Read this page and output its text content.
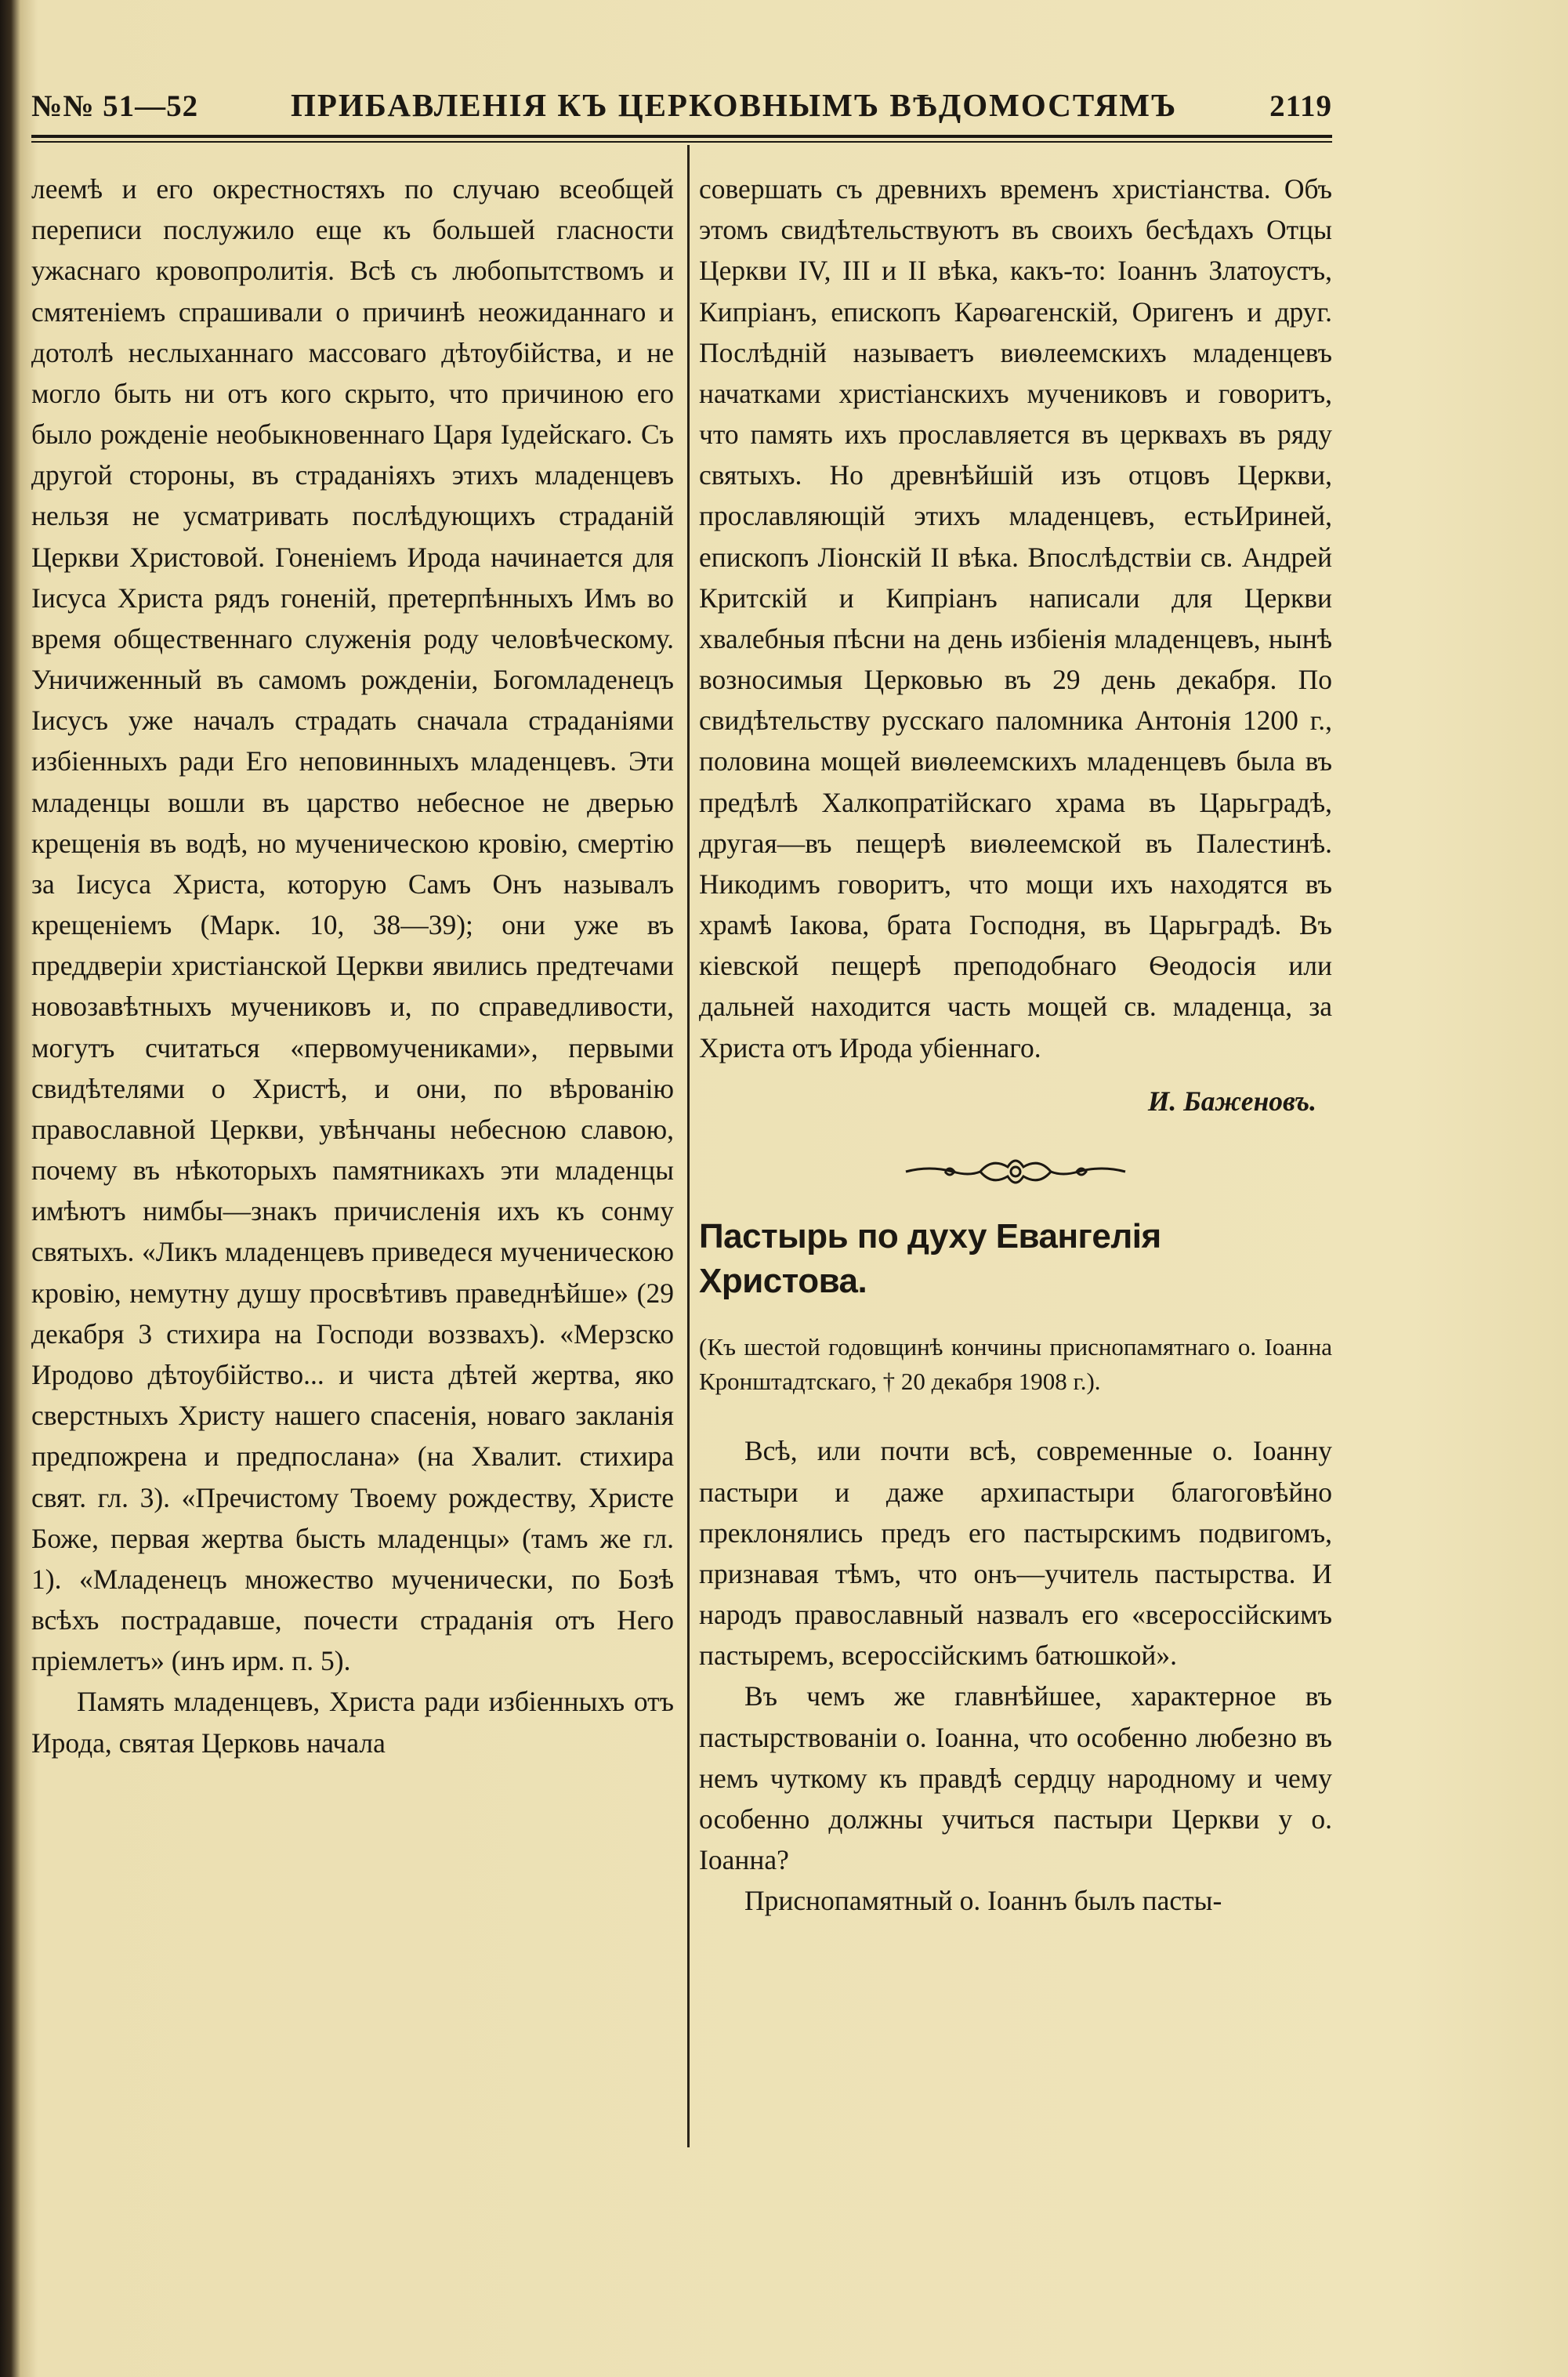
№№ 51—52	ПРИБАВЛЕНІЯ КЪ ЦЕРКОВНЫМЪ ВѢДОМОСТЯМЪ	2119

леемѣ и его окрестностяхъ по случаю всеобщей переписи послужило еще къ большей гласности ужаснаго кровопролитія. Всѣ съ любопытствомъ и смятеніемъ спрашивали о причинѣ неожиданнаго и дотолѣ неслыханнаго массоваго дѣтоубійства, и не могло быть ни отъ кого скрыто, что причиною его было рожденіе необыкновеннаго Царя Іудейскаго. Съ другой стороны, въ страданіяхъ этихъ младенцевъ нельзя не усматривать послѣдующихъ страданій Церкви Христовой. Гоненіемъ Ирода начинается для Іисуса Христа рядъ гоненій, претерпѣнныхъ Имъ во время общественнаго служенія роду человѣческому. Уничиженный въ самомъ рожденіи, Богомладенецъ Іисусъ уже началъ страдать сначала страданіями избіенныхъ ради Его неповинныхъ младенцевъ. Эти младенцы вошли въ царство небесное не дверью крещенія въ водѣ, но мученическою кровію, смертію за Іисуса Христа, которую Самъ Онъ называлъ крещеніемъ (Марк. 10, 38—39); они уже въ преддверіи христіанской Церкви явились предтечами новозавѣтныхъ мучениковъ и, по справедливости, могутъ считаться «первомучениками», первыми свидѣтелями о Христѣ, и они, по вѣрованію православной Церкви, увѣнчаны небесною славою, почему въ нѣкоторыхъ памятникахъ эти младенцы имѣютъ нимбы—знакъ причисленія ихъ къ сонму святыхъ. «Ликъ младенцевъ приведеся мученическою кровію, немутну душу просвѣтивъ праведнѣйше» (29 декабря 3 стихира на Господи воззвахъ). «Мерзско Иродово дѣтоубійство... и чиста дѣтей жертва, яко сверстныхъ Христу нашего спасенія, новаго закланія предпожрена и предпослана» (на Хвалит. стихира свят. гл. 3). «Пречистому Твоему рождеству, Христе Боже, первая жертва бысть младенцы» (тамъ же гл. 1). «Младенецъ множество мученически, по Бозѣ всѣхъ пострадавше, почести страданія отъ Него пріемлетъ» (инъ ирм. п. 5).

Память младенцевъ, Христа ради избіенныхъ отъ Ирода, святая Церковь начала

совершать съ древнихъ временъ христіанства. Объ этомъ свидѣтельствуютъ въ своихъ бесѣдахъ Отцы Церкви IV, III и II вѣка, какъ-то: Іоаннъ Златоустъ, Кипріанъ, епископъ Карѳагенскій, Оригенъ и друг. Послѣдній называетъ виѳлеемскихъ младенцевъ начатками христіанскихъ мучениковъ и говоритъ, что память ихъ прославляется въ церквахъ въ ряду святыхъ. Но древнѣйшій изъ отцовъ Церкви, прославляющій этихъ младенцевъ, естьИриней, епископъ Ліонскій II вѣка. Впослѣдствіи св. Андрей Критскій и Кипріанъ написали для Церкви хвалебныя пѣсни на день избіенія младенцевъ, нынѣ возносимыя Церковью въ 29 день декабря. По свидѣтельству русскаго паломника Антонія 1200 г., половина мощей виѳлеемскихъ младенцевъ была въ предѣлѣ Халкопратійскаго храма въ Царьградѣ, другая—въ пещерѣ виѳлеемской въ Палестинѣ. Никодимъ говоритъ, что мощи ихъ находятся въ храмѣ Іакова, брата Господня, въ Царьградѣ. Въ кіевской пещерѣ преподобнаго Ѳеодосія или дальней находится часть мощей св. младенца, за Христа отъ Ирода убіеннаго.

И. Баженовъ.

Пастырь по духу Евангелія Христова.

(Къ шестой годовщинѣ кончины приснопамятнаго о. Іоанна Кронштадтскаго, † 20 декабря 1908 г.).

Всѣ, или почти всѣ, современные о. Іоанну пастыри и даже архипастыри благоговѣйно преклонялись предъ его пастырскимъ подвигомъ, признавая тѣмъ, что онъ—учитель пастырства. И народъ православный назвалъ его «всероссійскимъ пастыремъ, всероссійскимъ батюшкой».

Въ чемъ же главнѣйшее, характерное въ пастырствованіи о. Іоанна, что особенно любезно въ немъ чуткому къ правдѣ сердцу народному и чему особенно должны учиться пастыри Церкви у о. Іоанна?

Приснопамятный о. Іоаннъ былъ пасты-
